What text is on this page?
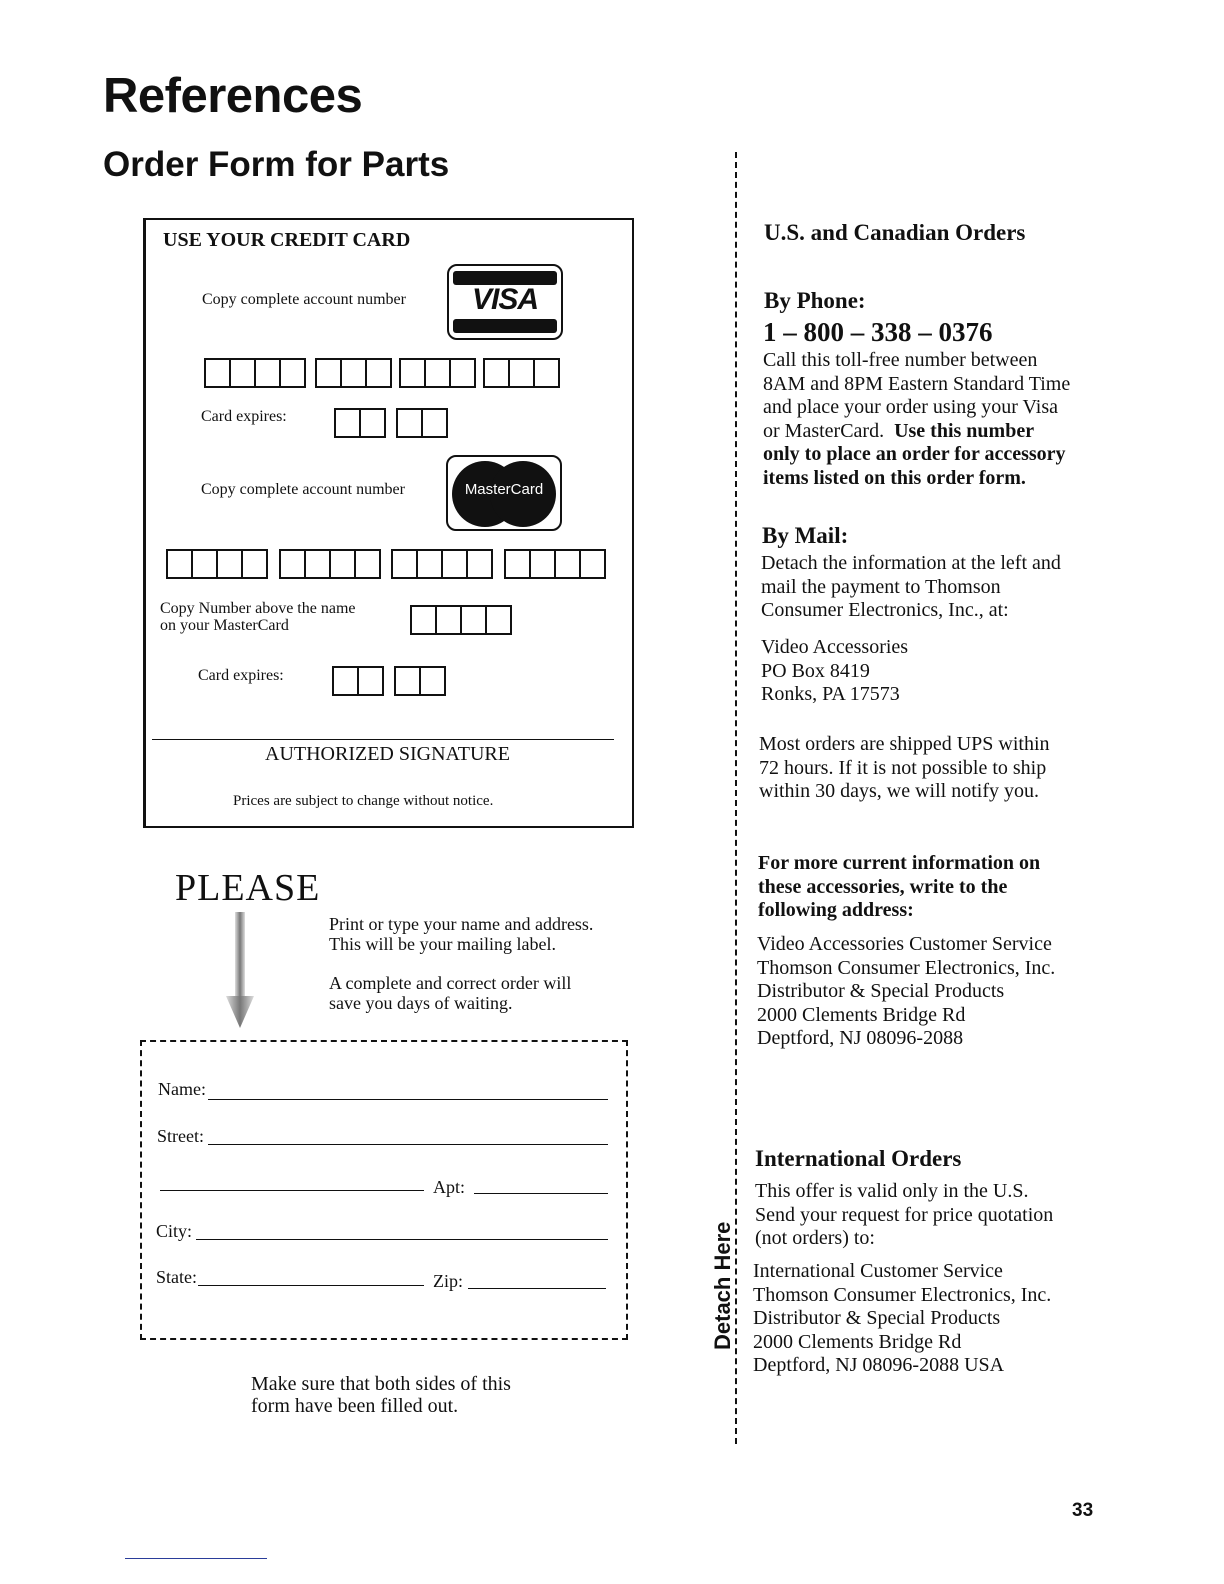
References
Order Form for Parts
USE YOUR CREDIT CARD
Copy complete account number	VISA
Card expires:
Copy complete account number	MasterCard
Copy Number above the name
on your MasterCard
Card expires:
AUTHORIZED SIGNATURE
Prices are subject to change without notice.
PLEASE
Print or type your name and address.
This will be your mailing label.
A complete and correct order will
save you days of waiting.
Name:
Street:
Apt:
City:
State:	Zip:
Make sure that both sides of this
form have been filled out.
Detach Here
U.S. and Canadian Orders
By Phone:
1 – 800 – 338 – 0376
Call this toll-free number between
8AM and 8PM Eastern Standard Time
and place your order using your Visa
or MasterCard. Use this number
only to place an order for accessory
items listed on this order form.
By Mail:
Detach the information at the left and
mail the payment to Thomson
Consumer Electronics, Inc., at:
Video Accessories
PO Box 8419
Ronks, PA 17573
Most orders are shipped UPS within
72 hours. If it is not possible to ship
within 30 days, we will notify you.
For more current information on
these accessories, write to the
following address:
Video Accessories Customer Service
Thomson Consumer Electronics, Inc.
Distributor & Special Products
2000 Clements Bridge Rd
Deptford, NJ 08096-2088
International Orders
This offer is valid only in the U.S.
Send your request for price quotation
(not orders) to:
International Customer Service
Thomson Consumer Electronics, Inc.
Distributor & Special Products
2000 Clements Bridge Rd
Deptford, NJ 08096-2088 USA
33
